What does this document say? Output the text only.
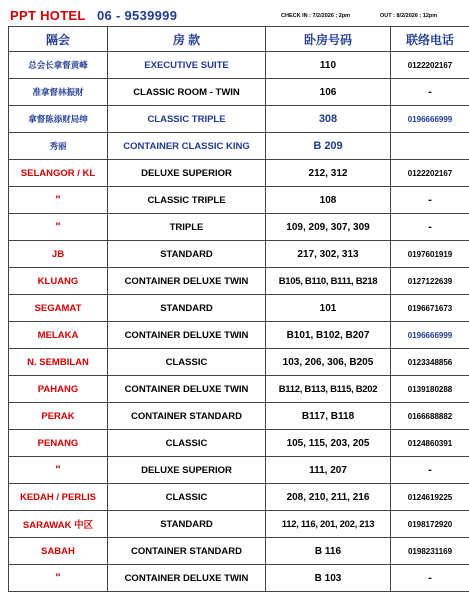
PPT HOTEL 06 - 9539999	CHECK IN : 7/2/2026 ; 2pm	OUT : 8/2/2026 ; 12pm
隔会	房 款	卧房号码	联络电话
总会长拿督黄峰	EXECUTIVE SUITE	110	0122202167
准拿督林振财	CLASSIC ROOM - TWIN	106	-
拿督陈添财局绅	CLASSIC TRIPLE	308	0196666999
秀丽	CONTAINER CLASSIC KING	B 209	
SELANGOR / KL	DELUXE SUPERIOR	212, 312	0122202167
"	CLASSIC TRIPLE	108	-
"	TRIPLE	109, 209, 307, 309	-
JB	STANDARD	217, 302, 313	0197601919
KLUANG	CONTAINER DELUXE TWIN	B105, B110, B111, B218	0127122639
SEGAMAT	STANDARD	101	0196671673
MELAKA	CONTAINER DELUXE TWIN	B101, B102, B207	0196666999
N. SEMBILAN	CLASSIC	103, 206, 306, B205	0123348856
PAHANG	CONTAINER DELUXE TWIN	B112, B113, B115, B202	0139180288
PERAK	CONTAINER STANDARD	B117, B118	0166688882
PENANG	CLASSIC	105, 115, 203, 205	0124860391
"	DELUXE SUPERIOR	111, 207	-
KEDAH / PERLIS	CLASSIC	208, 210, 211, 216	0124619225
SARAWAK 中区	STANDARD	112, 116, 201, 202, 213	0198172920
SABAH	CONTAINER STANDARD	B 116	0198231169
"	CONTAINER DELUXE TWIN	B 103	-
